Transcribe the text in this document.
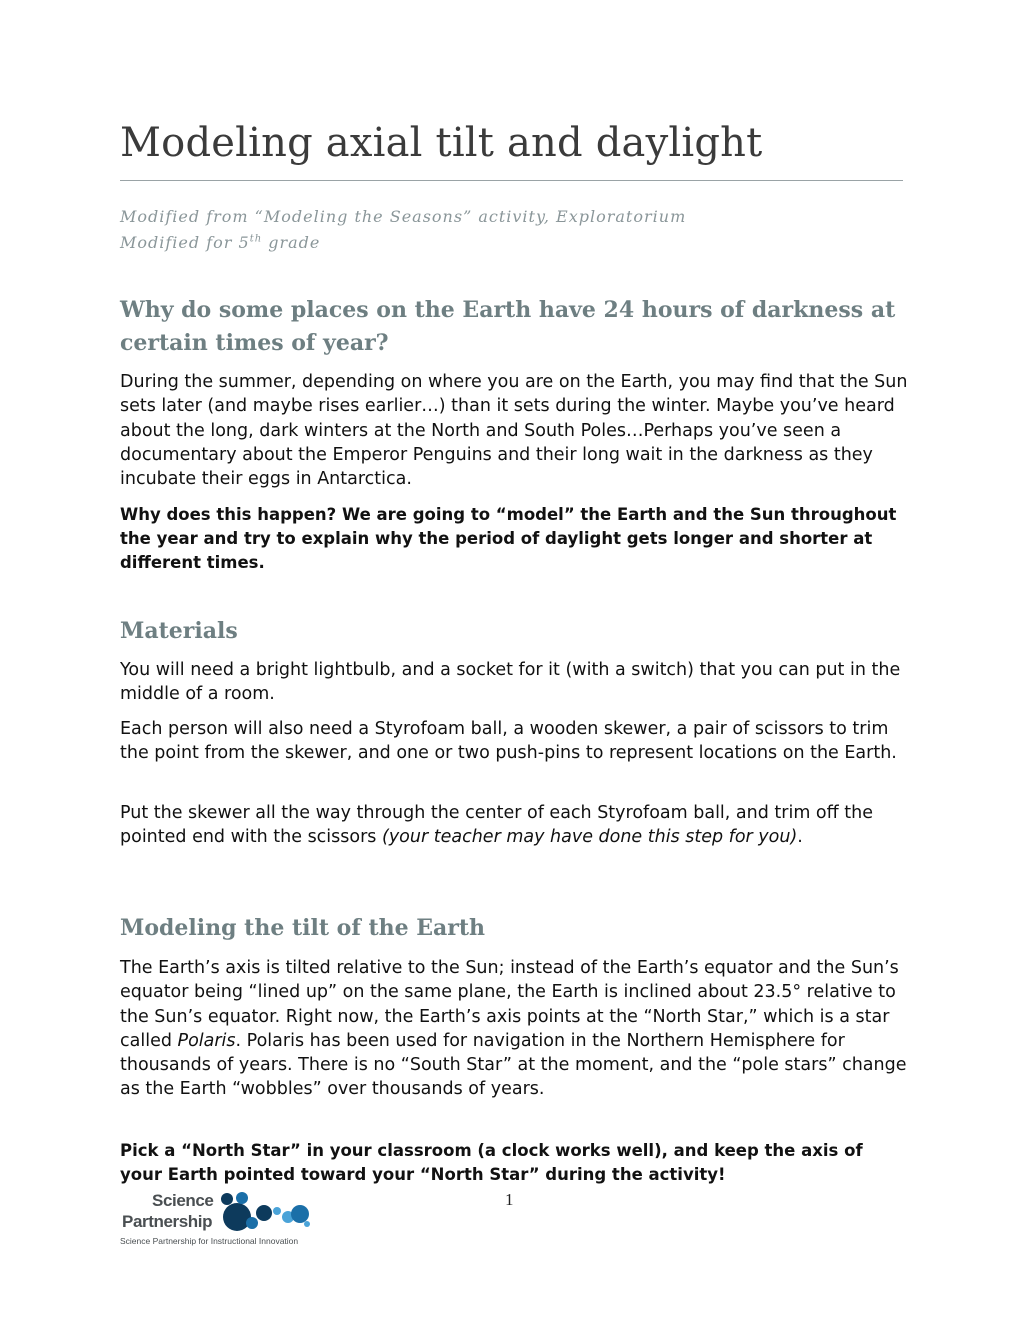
Modeling axial tilt and daylight

Modified from “Modeling the Seasons” activity, Exploratorium

Modified for 5th grade

Why do some places on the Earth have 24 hours of darkness at certain times of year?

During the summer, depending on where you are on the Earth, you may find that the Sun sets later (and maybe rises earlier…) than it sets during the winter. Maybe you’ve heard about the long, dark winters at the North and South Poles…Perhaps you’ve seen a documentary about the Emperor Penguins and their long wait in the darkness as they incubate their eggs in Antarctica.

Why does this happen? We are going to “model” the Earth and the Sun throughout the year and try to explain why the period of daylight gets longer and shorter at different times.

Materials

You will need a bright lightbulb, and a socket for it (with a switch) that you can put in the middle of a room.

Each person will also need a Styrofoam ball, a wooden skewer, a pair of scissors to trim the point from the skewer, and one or two push-pins to represent locations on the Earth.

Put the skewer all the way through the center of each Styrofoam ball, and trim off the pointed end with the scissors (your teacher may have done this step for you).

Modeling the tilt of the Earth

The Earth’s axis is tilted relative to the Sun; instead of the Earth’s equator and the Sun’s equator being “lined up” on the same plane, the Earth is inclined about 23.5° relative to the Sun’s equator. Right now, the Earth’s axis points at the “North Star,” which is a star called Polaris. Polaris has been used for navigation in the Northern Hemisphere for thousands of years. There is no “South Star” at the moment, and the “pole stars” change as the Earth “wobbles” over thousands of years.

Pick a “North Star” in your classroom (a clock works well), and keep the axis of your Earth pointed toward your “North Star” during the activity!

1
Science
Partnership
Science Partnership for Instructional Innovation
